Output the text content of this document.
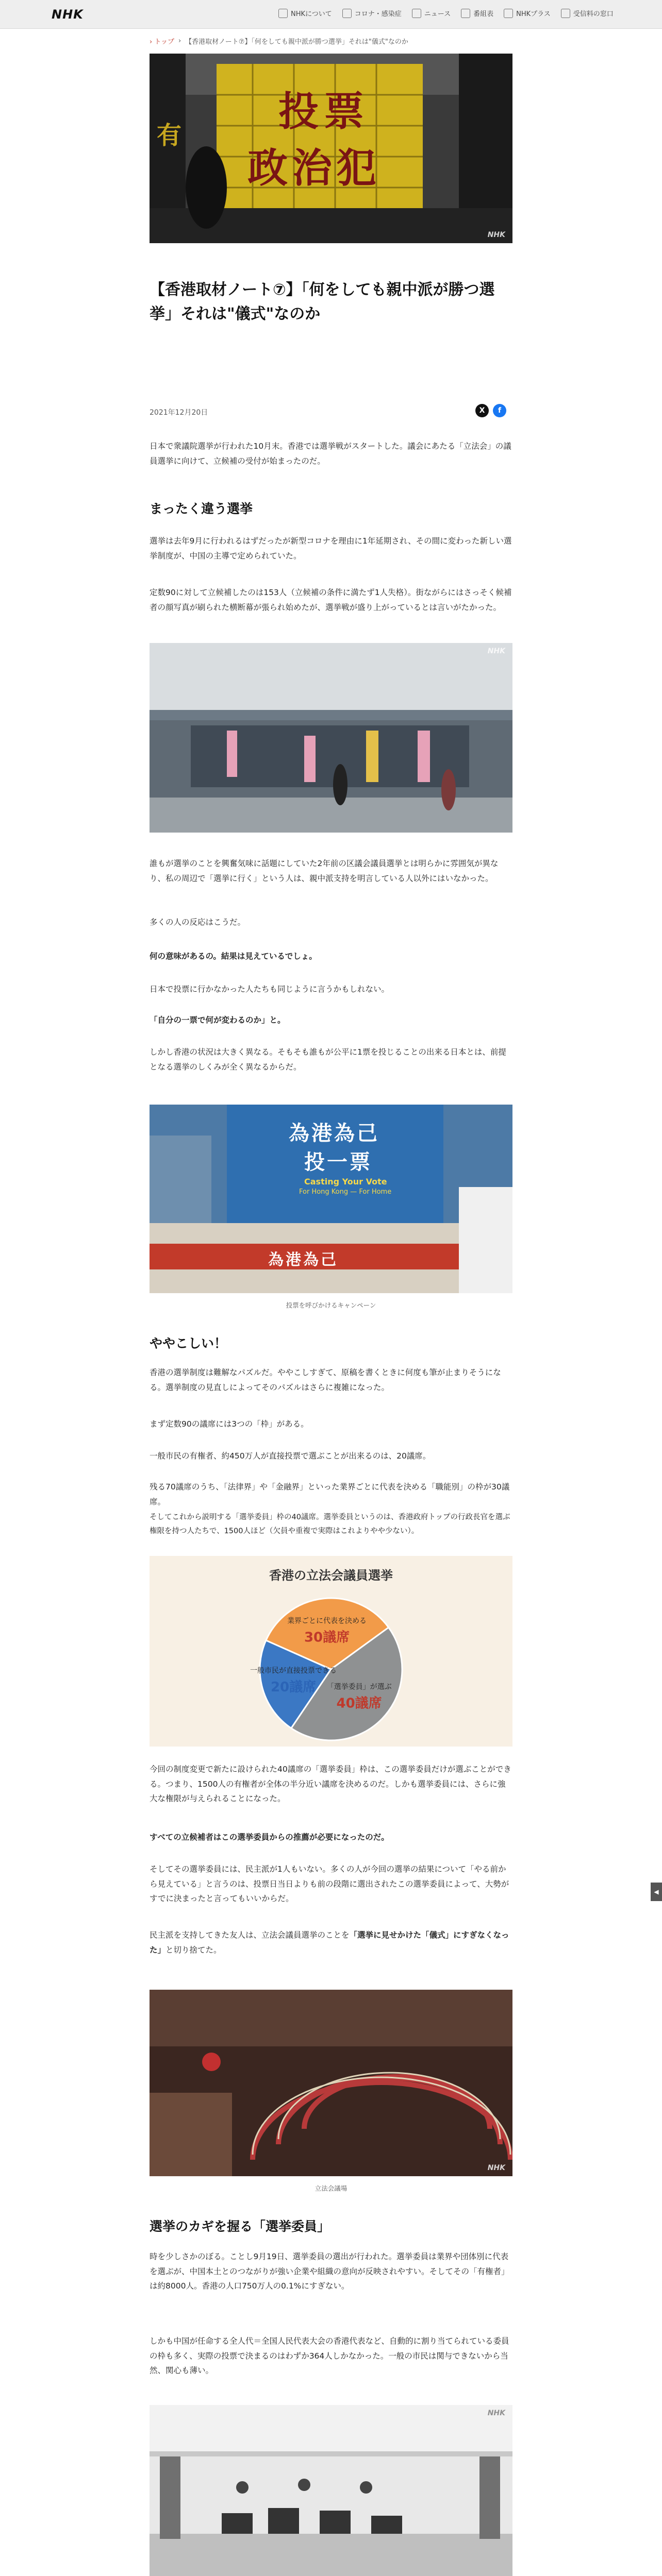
NHK	NHKについて	コロナ・感染症	ニュース	番組表	NHKプラス	受信料の窓口
› トップ › 【香港取材ノート⑦】「何をしても親中派が勝つ選挙」それは"儀式"なのか
投票
政治犯
有
NHK
【香港取材ノート⑦】「何をしても親中派が勝つ選挙」それは"儀式"なのか
2021年12月20日	X	f
日本で衆議院選挙が行われた10月末。香港では選挙戦がスタートした。議会にあたる「立法会」の議員選挙に向けて、立候補の受付が始まったのだ。
まったく違う選挙
選挙は去年9月に行われるはずだったが新型コロナを理由に1年延期され、その間に変わった新しい選挙制度が、中国の主導で定められていた。
定数90に対して立候補したのは153人（立候補の条件に満たず1人失格）。街ながらにはさっそく候補者の顔写真が刷られた横断幕が張られ始めたが、選挙戦が盛り上がっているとは言いがたかった。
NHK
誰もが選挙のことを興奮気味に話題にしていた2年前の区議会議員選挙とは明らかに雰囲気が異なり、私の周辺で「選挙に行く」という人は、親中派支持を明言している人以外にはいなかった。
多くの人の反応はこうだ。
何の意味があるの。結果は見えているでしょ。
日本で投票に行かなかった人たちも同じように言うかもしれない。
「自分の一票で何が変わるのか」と。
しかし香港の状況は大きく異なる。そもそも誰もが公平に1票を投じることの出来る日本とは、前提となる選挙のしくみが全く異なるからだ。
為港為己
投一票
Casting Your Vote
For Hong Kong — For Home
為港為己
投票を呼びかけるキャンペーン
ややこしい！
香港の選挙制度は難解なパズルだ。ややこしすぎて、原稿を書くときに何度も筆が止まりそうになる。選挙制度の見直しによってそのパズルはさらに複雑になった。
まず定数90の議席には3つの「枠」がある。
一般市民の有権者、約450万人が直接投票で選ぶことが出来るのは、20議席。
残る70議席のうち、「法律界」や「金融界」といった業界ごとに代表を決める「職能別」の枠が30議席。
そしてこれから説明する「選挙委員」枠の40議席。選挙委員というのは、香港政府トップの行政長官を選ぶ権限を持つ人たちで、1500人ほど（欠員や重複で実際はこれよりやや少ない）。
香港の立法会議員選挙
一般市民が直接投票できる
20議席
業界ごとに代表を決める
30議席
「選挙委員」が選ぶ
40議席
今回の制度変更で新たに設けられた40議席の「選挙委員」枠は、この選挙委員だけが選ぶことができる。つまり、1500人の有権者が全体の半分近い議席を決めるのだ。しかも選挙委員には、さらに強大な権限が与えられることになった。
すべての立候補者はこの選挙委員からの推薦が必要になったのだ。
そしてその選挙委員には、民主派が1人もいない。多くの人が今回の選挙の結果について「やる前から見えている」と言うのは、投票日当日よりも前の段階に選出されたこの選挙委員によって、大勢がすでに決まったと言ってもいいからだ。
民主派を支持してきた友人は、立法会議員選挙のことを「選挙に見せかけた「儀式」にすぎなくなった」と切り捨てた。
NHK
立法会議場
選挙のカギを握る「選挙委員」
時を少しさかのぼる。ことし9月19日、選挙委員の選出が行われた。選挙委員は業界や団体別に代表を選ぶが、中国本土とのつながりが強い企業や組織の意向が反映されやすい。そしてその「有権者」は約8000人。香港の人口750万人の0.1%にすぎない。
しかも中国が任命する全人代＝全国人民代表大会の香港代表など、自動的に割り当てられている委員の枠も多く、実際の投票で決まるのはわずか364人しかなかった。一般の市民は関与できないから当然、関心も薄い。
NHK
◀
